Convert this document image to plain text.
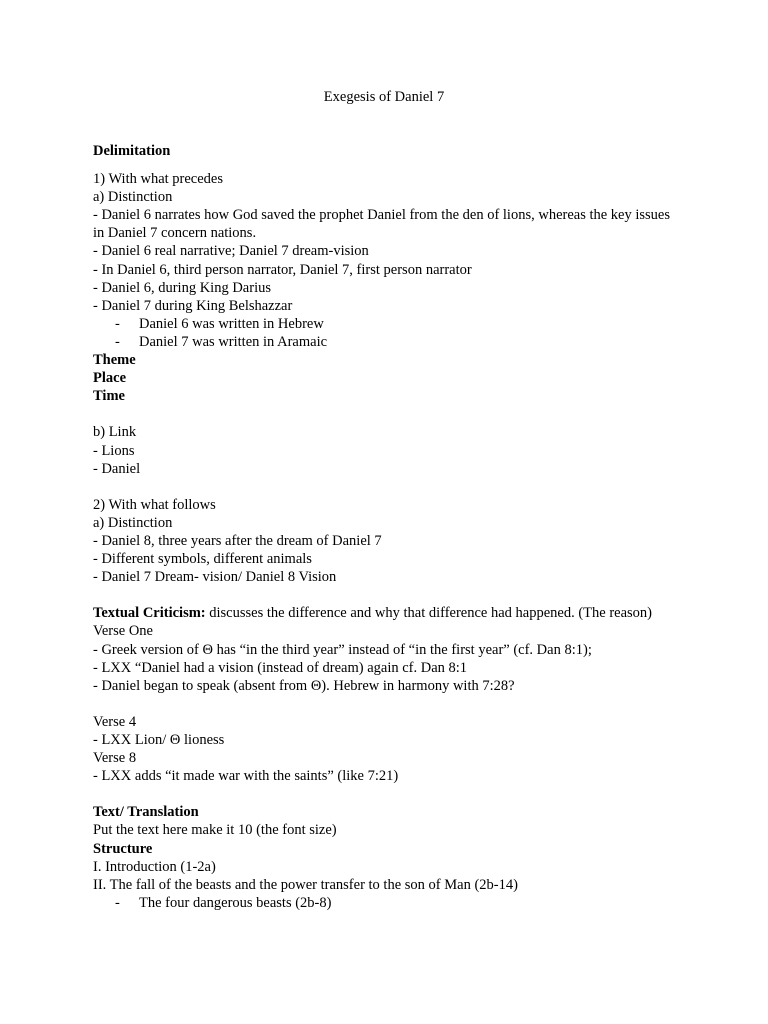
Exegesis of Daniel 7
Delimitation
1) With what precedes
a) Distinction
- Daniel 6 narrates how God saved the prophet Daniel from the den of lions, whereas the key issues in Daniel 7 concern nations.
- Daniel 6 real narrative; Daniel 7 dream-vision
- In Daniel 6, third person narrator, Daniel 7, first person narrator
- Daniel 6, during King Darius
- Daniel 7 during King Belshazzar
-	Daniel 6 was written in Hebrew
-	Daniel 7 was written in Aramaic
Theme
Place
Time
b) Link
- Lions
- Daniel
2) With what follows
a) Distinction
- Daniel 8, three years after the dream of Daniel 7
- Different symbols, different animals
- Daniel 7 Dream- vision/ Daniel 8 Vision
Textual Criticism: discusses the difference and why that difference had happened. (The reason)
Verse One
- Greek version of Θ has “in the third year” instead of “in the first year” (cf. Dan 8:1);
- LXX “Daniel had a vision (instead of dream) again cf. Dan 8:1
- Daniel began to speak (absent from Θ). Hebrew in harmony with 7:28?
Verse 4
- LXX Lion/ Θ lioness
Verse 8
- LXX adds “it made war with the saints” (like 7:21)
Text/ Translation
Put the text here make it 10 (the font size)
Structure
I. Introduction (1-2a)
II. The fall of the beasts and the power transfer to the son of Man (2b-14)
-	The four dangerous beasts (2b-8)
